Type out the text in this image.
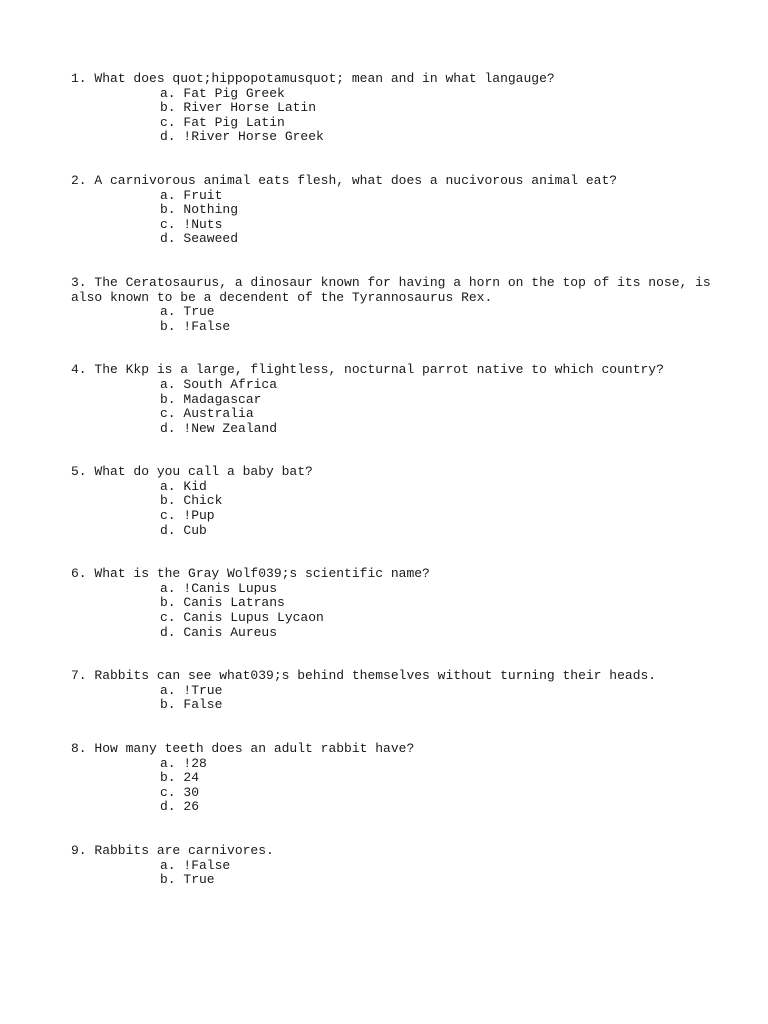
1. What does quot;hippopotamusquot; mean and in what langauge?
a. Fat Pig Greek
b. River Horse Latin
c. Fat Pig Latin
d. !River Horse Greek
2. A carnivorous animal eats flesh, what does a nucivorous animal eat?
a. Fruit
b. Nothing
c. !Nuts
d. Seaweed
3. The Ceratosaurus, a dinosaur known for having a horn on the top of its nose, is also known to be a decendent of the Tyrannosaurus Rex.
a. True
b. !False
4. The Kkp is a large, flightless, nocturnal parrot native to which country?
a. South Africa
b. Madagascar
c. Australia
d. !New Zealand
5. What do you call a baby bat?
a. Kid
b. Chick
c. !Pup
d. Cub
6. What is the Gray Wolf039;s scientific name?
a. !Canis Lupus
b. Canis Latrans
c. Canis Lupus Lycaon
d. Canis Aureus
7. Rabbits can see what039;s behind themselves without turning their heads.
a. !True
b. False
8. How many teeth does an adult rabbit have?
a. !28
b. 24
c. 30
d. 26
9. Rabbits are carnivores.
a. !False
b. True
